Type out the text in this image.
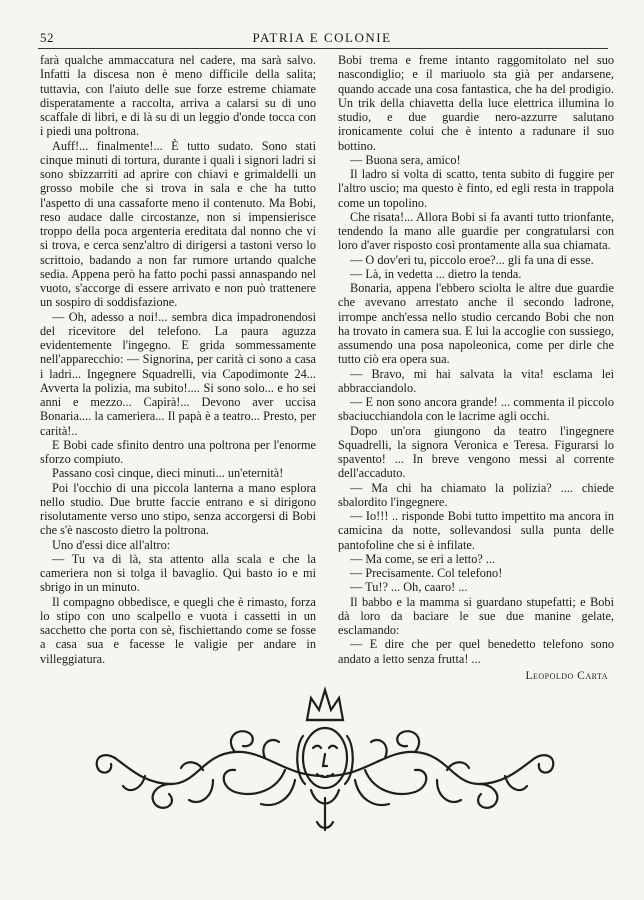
52	PATRIA E COLONIE

farà qualche ammaccatura nel cadere, ma sarà salvo. Infatti la discesa non è meno difficile della salita; tuttavia, con l'aiuto delle sue forze estreme chiamate disperatamente a raccolta, arriva a calarsi su di uno scaffale di libri, e di là su di un leggio d'onde tocca con i piedi una poltrona.

Auff!... finalmente!... È tutto sudato. Sono stati cinque minuti di tortura, durante i quali i signori ladri si sono sbizzarriti ad aprire con chiavi e grimaldelli un grosso mobile che si trova in sala e che ha tutto l'aspetto di una cassaforte meno il contenuto. Ma Bobi, reso audace dalle circostanze, non si impensierisce troppo della poca argenteria ereditata dal nonno che vi si trova, e cerca senz'altro di dirigersi a tastoni verso lo scrittoio, badando a non far rumore urtando qualche sedia. Appena però ha fatto pochi passi annaspando nel vuoto, s'accorge di essere arrivato e non può trattenere un sospiro di soddisfazione.

— Oh, adesso a noi!... sembra dica impadronendosi del ricevitore del telefono. La paura aguzza evidentemente l'ingegno. E grida sommessamente nell'apparecchio: — Signorina, per carità ci sono a casa i ladri... Ingegnere Squadrelli, via Capodimonte 24... Avverta la polizia, ma subito!.... Si sono solo... e ho sei anni e mezzo... Capirà!... Devono aver uccisa Bonaria.... la cameriera... Il papà è a teatro... Presto, per carità!..

E Bobi cade sfinito dentro una poltrona per l'enorme sforzo compiuto.

Passano così cinque, dieci minuti... un'eternità!

Poi l'occhio di una piccola lanterna a mano esplora nello studio. Due brutte faccie entrano e si dirigono risolutamente verso uno stipo, senza accorgersi di Bobi che s'è nascosto dietro la poltrona.

Uno d'essi dice all'altro:

— Tu va di là, sta attento alla scala e che la cameriera non si tolga il bavaglio. Qui basto io e mi sbrigo in un minuto.

Il compagno obbedisce, e quegli che è rimasto, forza lo stipo con uno scalpello e vuota i cassetti in un sacchetto che porta con sè, fischiettando come se fosse a casa sua e facesse le valigie per andare in villeggiatura.

Bobi trema e freme intanto raggomitolato nel suo nascondiglio; e il mariuolo sta già per andarsene, quando accade una cosa fantastica, che ha del prodigio. Un trik della chiavetta della luce elettrica illumina lo studio, e due guardie nero-azzurre salutano ironicamente colui che è intento a radunare il suo bottino.

— Buona sera, amico!

Il ladro si volta di scatto, tenta subito di fuggire per l'altro uscio; ma questo è finto, ed egli resta in trappola come un topolino.

Che risata!... Allora Bobi si fa avanti tutto trionfante, tendendo la mano alle guardie per congratularsi con loro d'aver risposto così prontamente alla sua chiamata.

— O dov'eri tu, piccolo eroe?... gli fa una di esse.

— Là, in vedetta ... dietro la tenda.

Bonaria, appena l'ebbero sciolta le altre due guardie che avevano arrestato anche il secondo ladrone, irrompe anch'essa nello studio cercando Bobi che non ha trovato in camera sua. E lui la accoglie con sussiego, assumendo una posa napoleonica, come per dirle che tutto ciò era opera sua.

— Bravo, mi hai salvata la vita! esclama lei abbracciandolo.

— E non sono ancora grande! ... commenta il piccolo sbaciucchiandola con le lacrime agli occhi.

Dopo un'ora giungono da teatro l'ingegnere Squadrelli, la signora Veronica e Teresa. Figurarsi lo spavento! ... In breve vengono messi al corrente dell'accaduto.

— Ma chi ha chiamato la polizia? .... chiede sbalordito l'ingegnere.

— Io!!! .. risponde Bobi tutto impettito ma ancora in camicina da notte, sollevandosi sulla punta delle pantofoline che si è infilate.

— Ma come, se eri a letto? ...

— Precisamente. Col telefono!

— Tu!? ... Oh, caaro! ...

Il babbo e la mamma si guardano stupefatti; e Bobi dà loro da baciare le sue due manine gelate, esclamando:

— E dire che per quel benedetto telefono sono andato a letto senza frutta! ...

Leopoldo Carta
